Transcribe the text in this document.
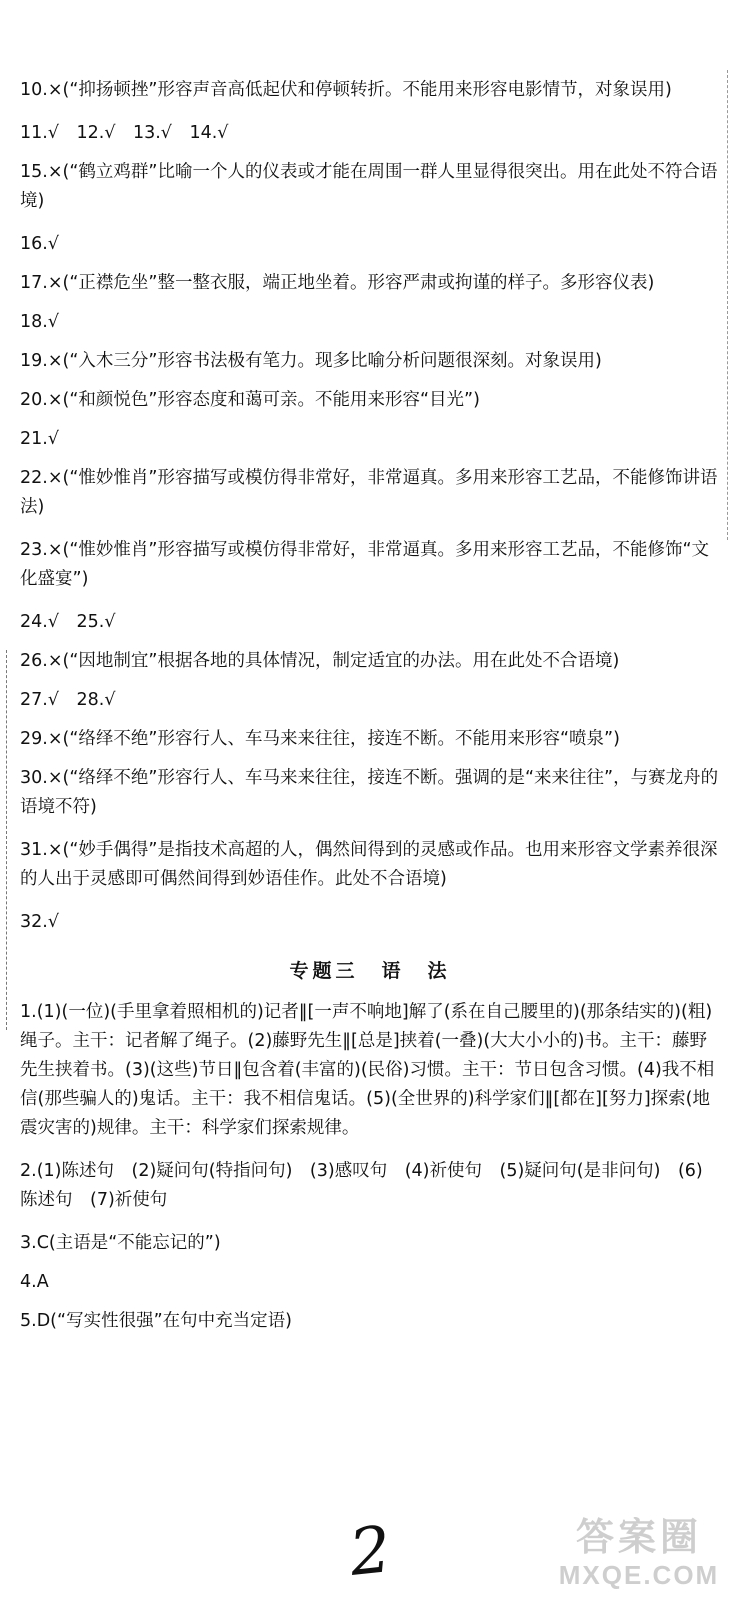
10.×(“抑扬顿挫”形容声音高低起伏和停顿转折。不能用来形容电影情节，对象误用)
11.√　12.√　13.√　14.√
15.×(“鹤立鸡群”比喻一个人的仪表或才能在周围一群人里显得很突出。用在此处不符合语境)
16.√
17.×(“正襟危坐”整一整衣服，端正地坐着。形容严肃或拘谨的样子。多形容仪表)
18.√
19.×(“入木三分”形容书法极有笔力。现多比喻分析问题很深刻。对象误用)
20.×(“和颜悦色”形容态度和蔼可亲。不能用来形容“目光”)
21.√
22.×(“惟妙惟肖”形容描写或模仿得非常好，非常逼真。多用来形容工艺品，不能修饰讲语法)
23.×(“惟妙惟肖”形容描写或模仿得非常好，非常逼真。多用来形容工艺品，不能修饰“文化盛宴”)
24.√　25.√
26.×(“因地制宜”根据各地的具体情况，制定适宜的办法。用在此处不合语境)
27.√　28.√
29.×(“络绎不绝”形容行人、车马来来往往，接连不断。不能用来形容“喷泉”)
30.×(“络绎不绝”形容行人、车马来来往往，接连不断。强调的是“来来往往”，与赛龙舟的语境不符)
31.×(“妙手偶得”是指技术高超的人，偶然间得到的灵感或作品。也用来形容文学素养很深的人出于灵感即可偶然间得到妙语佳作。此处不合语境)
32.√
专题三　语　法
1.(1)(一位)(手里拿着照相机的)记者‖[一声不响地]解了(系在自己腰里的)(那条结实的)(粗)绳子。主干：记者解了绳子。(2)藤野先生‖[总是]挟着(一叠)(大大小小的)书。主干：藤野先生挟着书。(3)(这些)节日‖包含着(丰富的)(民俗)习惯。主干：节日包含习惯。(4)我不相信(那些骗人的)鬼话。主干：我不相信鬼话。(5)(全世界的)科学家们‖[都在][努力]探索(地震灾害的)规律。主干：科学家们探索规律。
2.(1)陈述句　(2)疑问句(特指问句)　(3)感叹句　(4)祈使句　(5)疑问句(是非问句)　(6)陈述句　(7)祈使句
3.C(主语是“不能忘记的”)
4.A
5.D(“写实性很强”在句中充当定语)
2	答案圈
MXQE.COM
